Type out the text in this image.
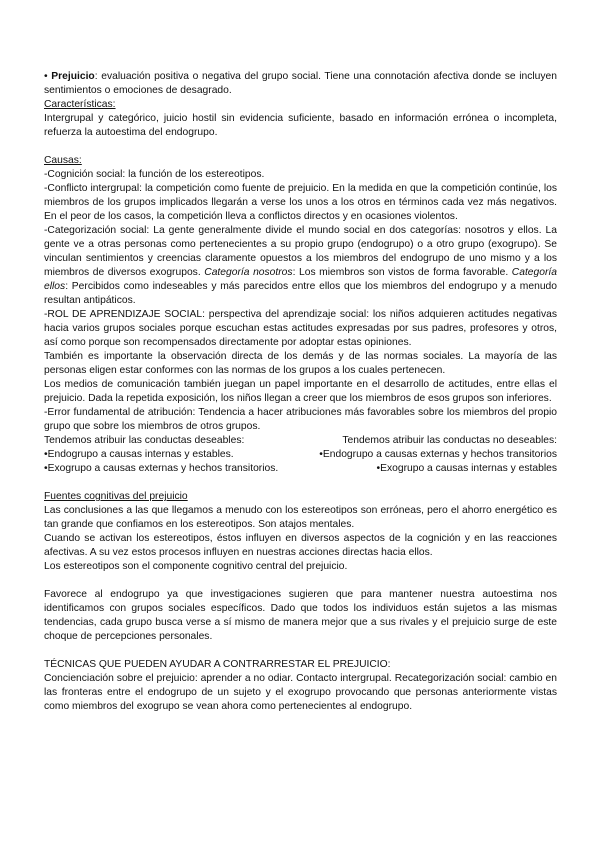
• Prejuicio: evaluación positiva o negativa del grupo social. Tiene una connotación afectiva donde se incluyen sentimientos o emociones de desagrado.

Características:

Intergrupal y categórico, juicio hostil sin evidencia suficiente, basado en información errónea o incompleta, refuerza la autoestima del endogrupo.

Causas:

-Cognición social: la función de los estereotipos.

-Conflicto intergrupal: la competición como fuente de prejuicio. En la medida en que la competición continúe, los miembros de los grupos implicados llegarán a verse los unos a los otros en términos cada vez más negativos. En el peor de los casos, la competición lleva a conflictos directos y en ocasiones violentos.

-Categorización social: La gente generalmente divide el mundo social en dos categorías: nosotros y ellos. La gente ve a otras personas como pertenecientes a su propio grupo (endogrupo) o a otro grupo (exogrupo). Se vinculan sentimientos y creencias claramente opuestos a los miembros del endogrupo de uno mismo y a los miembros de diversos exogrupos. Categoría nosotros: Los miembros son vistos de forma favorable. Categoría ellos: Percibidos como indeseables y más parecidos entre ellos que los miembros del endogrupo y a menudo resultan antipáticos.

-ROL DE APRENDIZAJE SOCIAL: perspectiva del aprendizaje social: los niños adquieren actitudes negativas hacia varios grupos sociales porque escuchan estas actitudes expresadas por sus padres, profesores y otros, así como porque son recompensados directamente por adoptar estas opiniones.

También es importante la observación directa de los demás y de las normas sociales. La mayoría de las personas eligen estar conformes con las normas de los grupos a los cuales pertenecen.

Los medios de comunicación también juegan un papel importante en el desarrollo de actitudes, entre ellas el prejuicio. Dada la repetida exposición, los niños llegan a creer que los miembros de esos grupos son inferiores.

-Error fundamental de atribución: Tendencia a hacer atribuciones más favorables sobre los miembros del propio grupo que sobre los miembros de otros grupos.

Tendemos atribuir las conductas deseables:	Tendemos atribuir las conductas no deseables:
•Endogrupo a causas internas y estables.	•Endogrupo a causas externas y hechos transitorios
•Exogrupo a causas externas y hechos transitorios.	•Exogrupo a causas internas y estables

Fuentes cognitivas del prejuicio

Las conclusiones a las que llegamos a menudo con los estereotipos son erróneas, pero el ahorro energético es tan grande que confiamos en los estereotipos. Son atajos mentales.

Cuando se activan los estereotipos, éstos influyen en diversos aspectos de la cognición y en las reacciones afectivas. A su vez estos procesos influyen en nuestras acciones directas hacia ellos.

Los estereotipos son el componente cognitivo central del prejuicio.

Favorece al endogrupo ya que investigaciones sugieren que para mantener nuestra autoestima nos identificamos con grupos sociales específicos. Dado que todos los individuos están sujetos a las mismas tendencias, cada grupo busca verse a sí mismo de manera mejor que a sus rivales y el prejuicio surge de este choque de percepciones personales.

TÉCNICAS QUE PUEDEN AYUDAR A CONTRARRESTAR EL PREJUICIO:

Concienciación sobre el prejuicio: aprender a no odiar. Contacto intergrupal. Recategorización social: cambio en las fronteras entre el endogrupo de un sujeto y el exogrupo provocando que personas anteriormente vistas como miembros del exogrupo se vean ahora como pertenecientes al endogrupo.
